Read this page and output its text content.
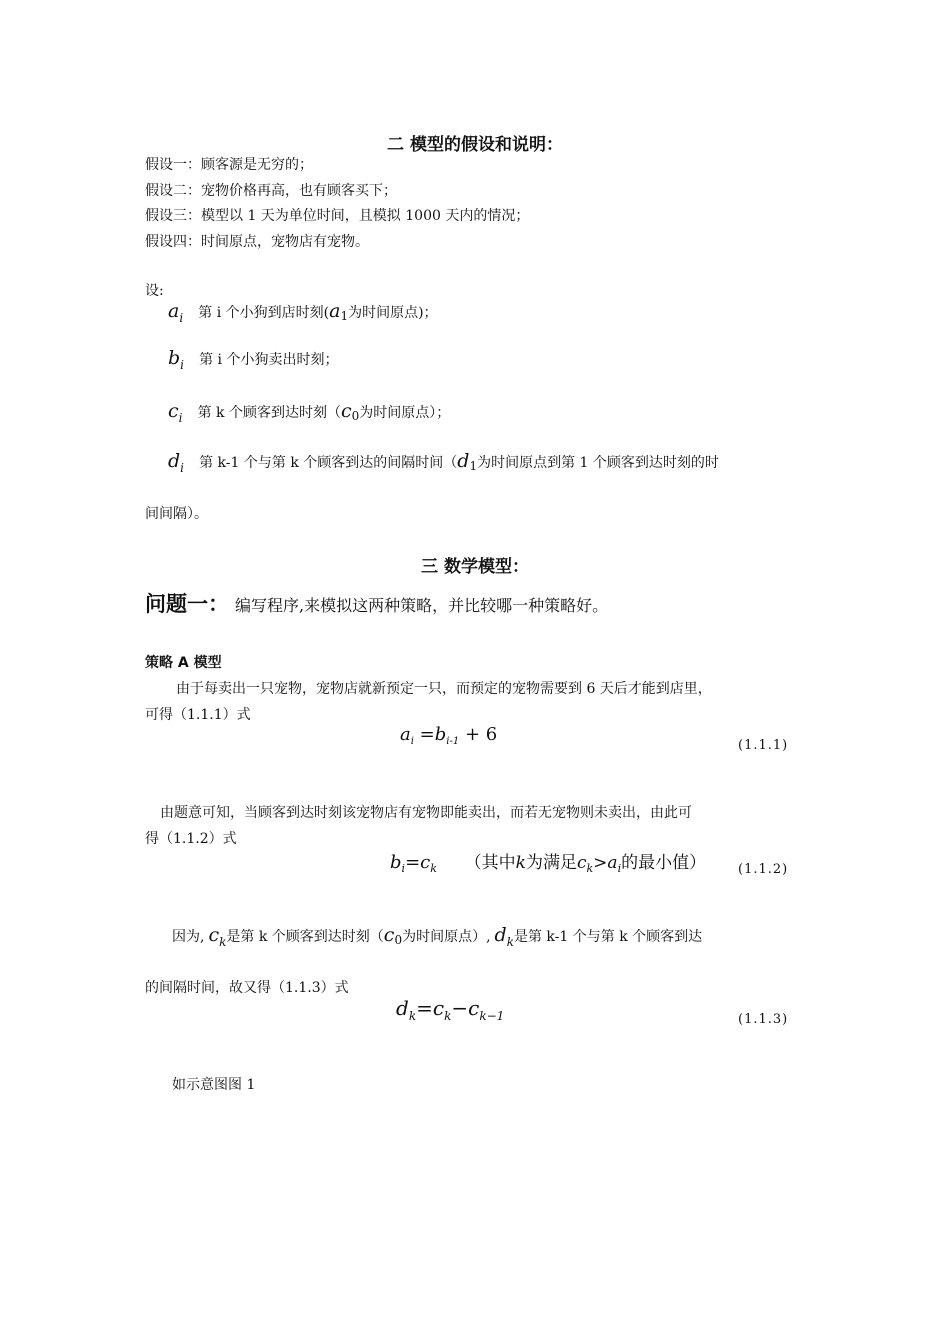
二 模型的假设和说明：
假设一：顾客源是无穷的；
假设二：宠物价格再高，也有顾客买下；
假设三：模型以 1 天为单位时间，且模拟 1000 天内的情况；
假设四：时间原点，宠物店有宠物。
设:
$a_i$ 第 i 个小狗到店时刻(a1为时间原点)；
$b_i$ 第 i 个小狗卖出时刻；
$c_i$ 第 k 个顾客到达时刻（c0为时间原点）；
$d_i$ 第 k-1 个与第 k 个顾客到达的间隔时间（d1为时间原点到第 1 个顾客到达时刻的时
间间隔）。
三 数学模型：
问题一： 编写程序,来模拟这两种策略，并比较哪一种策略好。
策略 A 模型
由于每卖出一只宠物，宠物店就新预定一只，而预定的宠物需要到 6 天后才能到店里，
可得（1.1.1）式
$a_i =b_{i-1} + 6$
(1.1.1)
由题意可知，当顾客到达时刻该宠物店有宠物即能卖出，而若无宠物则未卖出，由此可
得（1.1.2）式
$b_i=c_k$ （其中k为满足$c_k>a_i$的最小值） (1.1.2)
因为, $c_k$是第 k 个顾客到达时刻（c0为时间原点）, $d_k$是第 k-1 个与第 k 个顾客到达
的间隔时间，故又得（1.1.3）式
$d_k=c_k-c_{k-1}$	(1.1.3)
如示意图图 1
